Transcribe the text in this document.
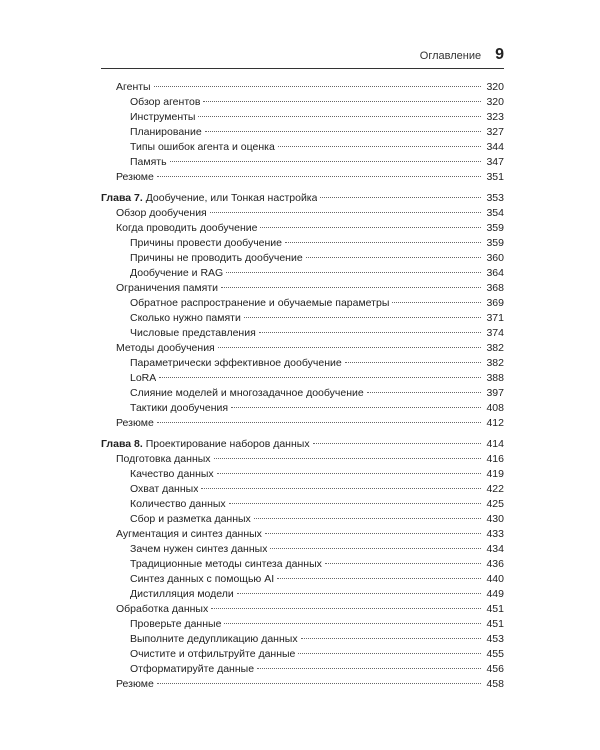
Оглавление 9
Агенты	320
Обзор агентов	320
Инструменты	323
Планирование	327
Типы ошибок агента и оценка	344
Память	347
Резюме	351
Глава 7. Дообучение, или Тонкая настройка	353
Обзор дообучения	354
Когда проводить дообучение	359
Причины провести дообучение	359
Причины не проводить дообучение	360
Дообучение и RAG	364
Ограничения памяти	368
Обратное распространение и обучаемые параметры	369
Сколько нужно памяти	371
Числовые представления	374
Методы дообучения	382
Параметрически эффективное дообучение	382
LoRA	388
Слияние моделей и многозадачное дообучение	397
Тактики дообучения	408
Резюме	412
Глава 8. Проектирование наборов данных	414
Подготовка данных	416
Качество данных	419
Охват данных	422
Количество данных	425
Сбор и разметка данных	430
Аугментация и синтез данных	433
Зачем нужен синтез данных	434
Традиционные методы синтеза данных	436
Синтез данных с помощью AI	440
Дистилляция модели	449
Обработка данных	451
Проверьте данные	451
Выполните дедупликацию данных	453
Очистите и отфильтруйте данные	455
Отформатируйте данные	456
Резюме	458
